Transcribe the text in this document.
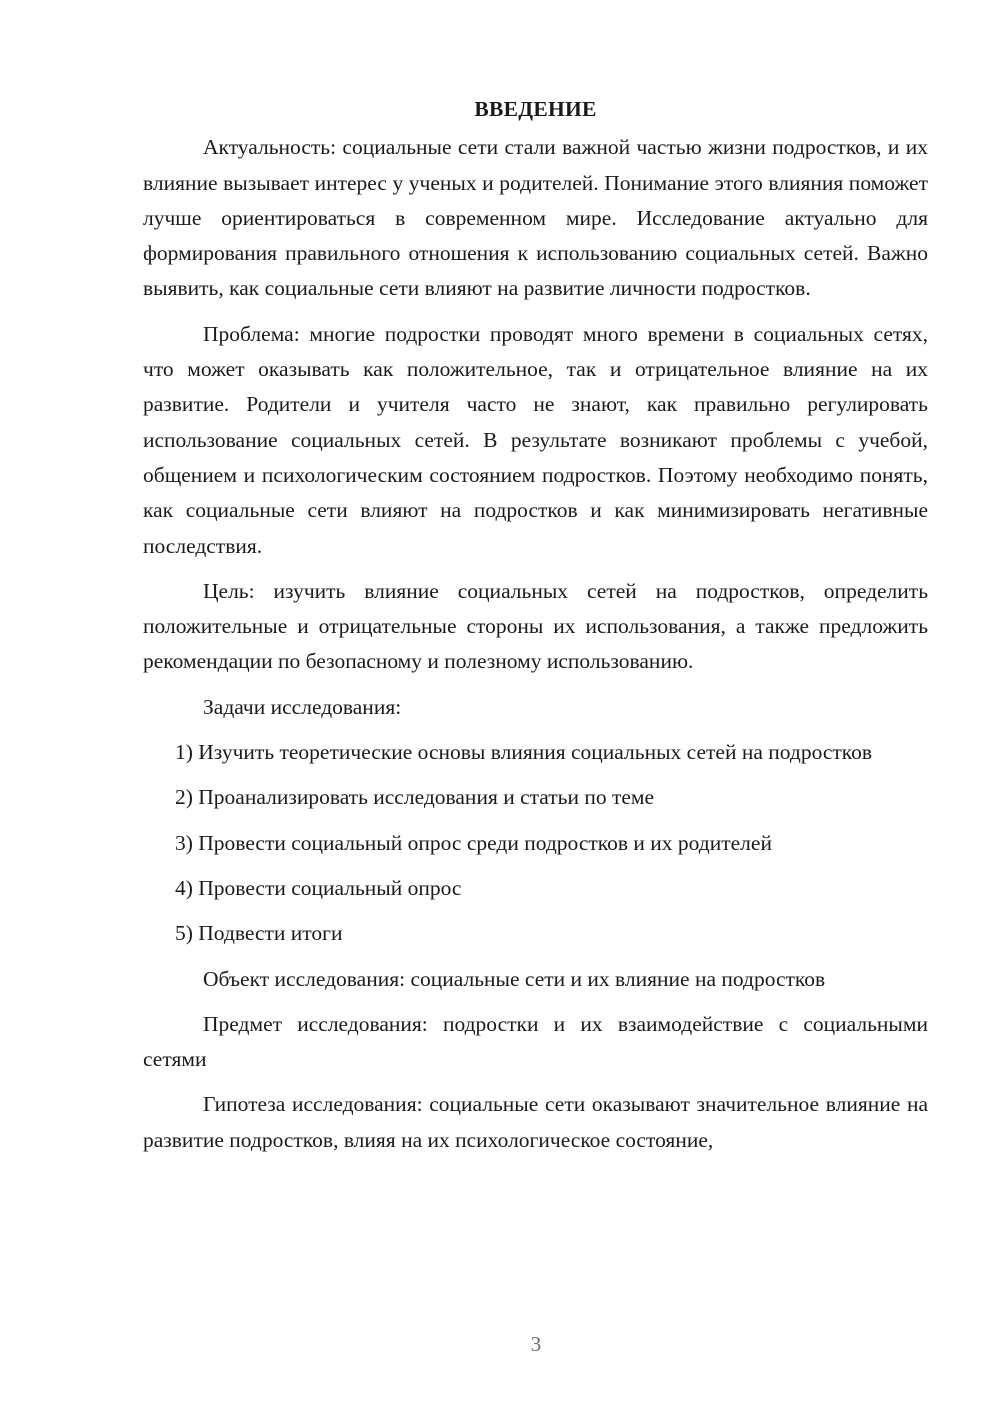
ВВЕДЕНИЕ

Актуальность: социальные сети стали важной частью жизни подростков, и их влияние вызывает интерес у ученых и родителей. Понимание этого влияния поможет лучше ориентироваться в современном мире. Исследование актуально для формирования правильного отношения к использованию социальных сетей. Важно выявить, как социальные сети влияют на развитие личности подростков.

Проблема: многие подростки проводят много времени в социальных сетях, что может оказывать как положительное, так и отрицательное влияние на их развитие. Родители и учителя часто не знают, как правильно регулировать использование социальных сетей. В результате возникают проблемы с учебой, общением и психологическим состоянием подростков. Поэтому необходимо понять, как социальные сети влияют на подростков и как минимизировать негативные последствия.

Цель: изучить влияние социальных сетей на подростков, определить положительные и отрицательные стороны их использования, а также предложить рекомендации по безопасному и полезному использованию.

Задачи исследования:

1) Изучить теоретические основы влияния социальных сетей на подростков

2) Проанализировать исследования и статьи по теме

3) Провести социальный опрос среди подростков и их родителей

4) Провести социальный опрос

5) Подвести итоги

Объект исследования: социальные сети и их влияние на подростков

Предмет исследования: подростки и их взаимодействие с социальными сетями

Гипотеза исследования: социальные сети оказывают значительное влияние на развитие подростков, влияя на их психологическое состояние,

3
